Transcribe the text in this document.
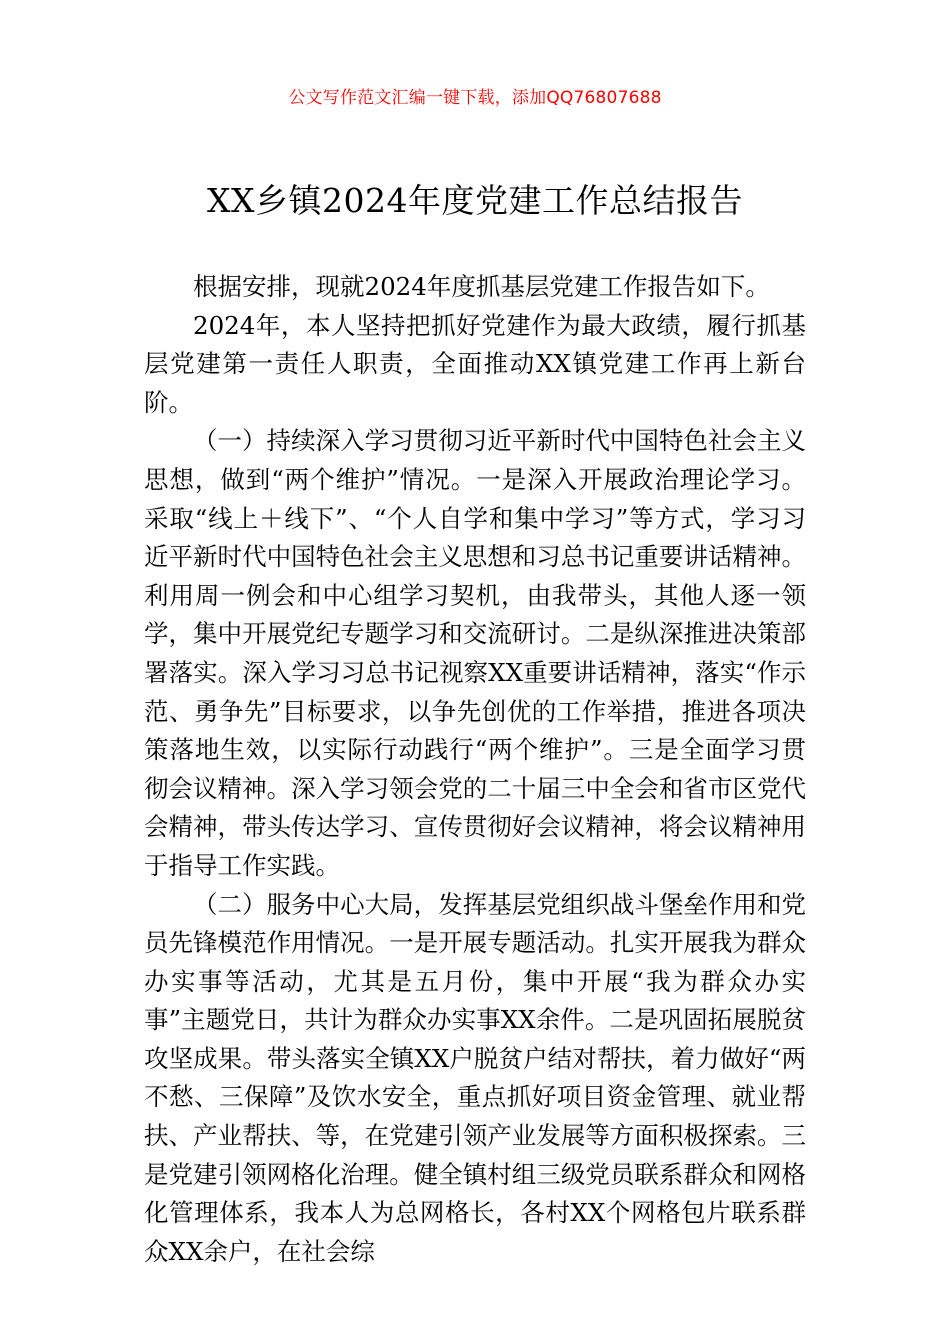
公文写作范文汇编一键下载，添加QQ76807688
XX乡镇2024年度党建工作总结报告

根据安排，现就2024年度抓基层党建工作报告如下。

2024年，本人坚持把抓好党建作为最大政绩，履行抓基层党建第一责任人职责，全面推动XX镇党建工作再上新台阶。

（一）持续深入学习贯彻习近平新时代中国特色社会主义思想，做到“两个维护”情况。一是深入开展政治理论学习。采取“线上＋线下”、“个人自学和集中学习”等方式，学习习近平新时代中国特色社会主义思想和习总书记重要讲话精神。利用周一例会和中心组学习契机，由我带头，其他人逐一领学，集中开展党纪专题学习和交流研讨。二是纵深推进决策部署落实。深入学习习总书记视察XX重要讲话精神，落实“作示范、勇争先”目标要求，以争先创优的工作举措，推进各项决策落地生效，以实际行动践行“两个维护”。三是全面学习贯彻会议精神。深入学习领会党的二十届三中全会和省市区党代会精神，带头传达学习、宣传贯彻好会议精神，将会议精神用于指导工作实践。

（二）服务中心大局，发挥基层党组织战斗堡垒作用和党员先锋模范作用情况。一是开展专题活动。扎实开展我为群众办实事等活动，尤其是五月份，集中开展“我为群众办实事”主题党日，共计为群众办实事XX余件。二是巩固拓展脱贫攻坚成果。带头落实全镇XX户脱贫户结对帮扶，着力做好“两不愁、三保障”及饮水安全，重点抓好项目资金管理、就业帮扶、产业帮扶、等，在党建引领产业发展等方面积极探索。三是党建引领网格化治理。健全镇村组三级党员联系群众和网格化管理体系，我本人为总网格长，各村XX个网格包片联系群众XX余户，在社会综
